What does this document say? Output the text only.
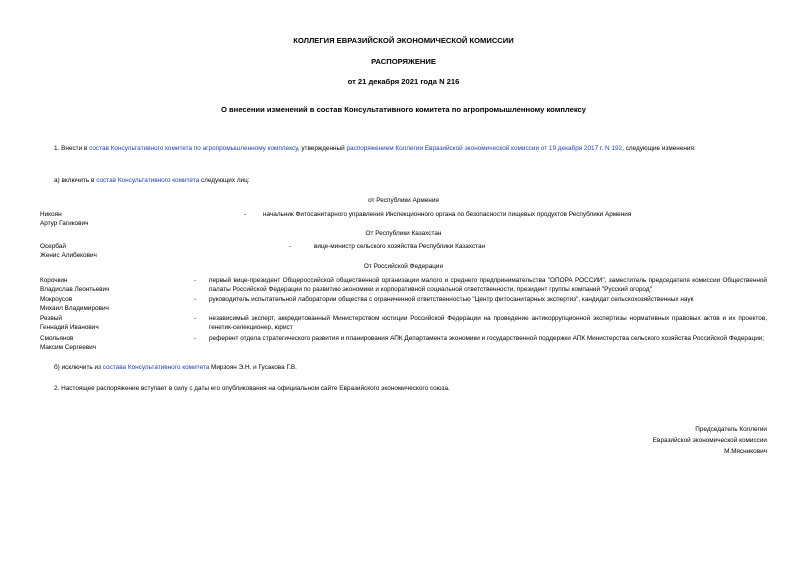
КОЛЛЕГИЯ ЕВРАЗИЙСКОЙ ЭКОНОМИЧЕСКОЙ КОМИССИИ
РАСПОРЯЖЕНИЕ
от 21 декабря 2021 года N 216
О внесении изменений в состав Консультативного комитета по агропромышленному комплексу
1. Внести в состав Консультативного комитета по агропромышленному комплексу, утвержденный распоряжением Коллегии Евразийской экономической комиссии от 19 декабря 2017 г. N 192, следующие изменения:
а) включить в состав Консультативного комитета следующих лиц:
от Республики Армения
Никоян
Артур Гагикович
-	начальник Фитосанитарного управления Инспекционного органа по безопасности пищевых продуктов Республики Армения
От Республики Казахстан
Осербай
Женис Алибекович
-	вице-министр сельского хозяйства Республики Казахстан
От Российской Федерации
Корочкин
Владислав Леонтьевич
- первый вице-президент Общероссийской общественной организации малого и среднего предпринимательства "ОПОРА РОССИИ", заместитель председателя комиссии Общественной палаты Российской Федерации по развитию экономики и корпоративной социальной ответственности, президент группы компаний "Русский огород"
Мокроусов
Михаил Владимирович
- руководитель испытательной лаборатории общества с ограниченной ответственностью "Центр фитосанитарных экспертиз", кандидат сельскохозяйственных наук
Резвый
Геннадий Иванович
- независимый эксперт, аккредитованный Министерством юстиции Российской Федерации на проведение антикоррупционной экспертизы нормативных правовых актов и их проектов, генетик-селекционер, юрист
Смольянов
Максим Сергеевич
- референт отдела стратегического развития и планирования АПК Департамента экономики и государственной поддержки АПК Министерства сельского хозяйства Российской Федерации;
б) исключить из состава Консультативного комитета Мирзоян Э.Н. и Гусакова Г.В.
2. Настоящее распоряжение вступает в силу с даты его опубликования на официальном сайте Евразийского экономического союза.
Председатель Коллегии
Евразийской экономической комиссии
М.Мясникович
